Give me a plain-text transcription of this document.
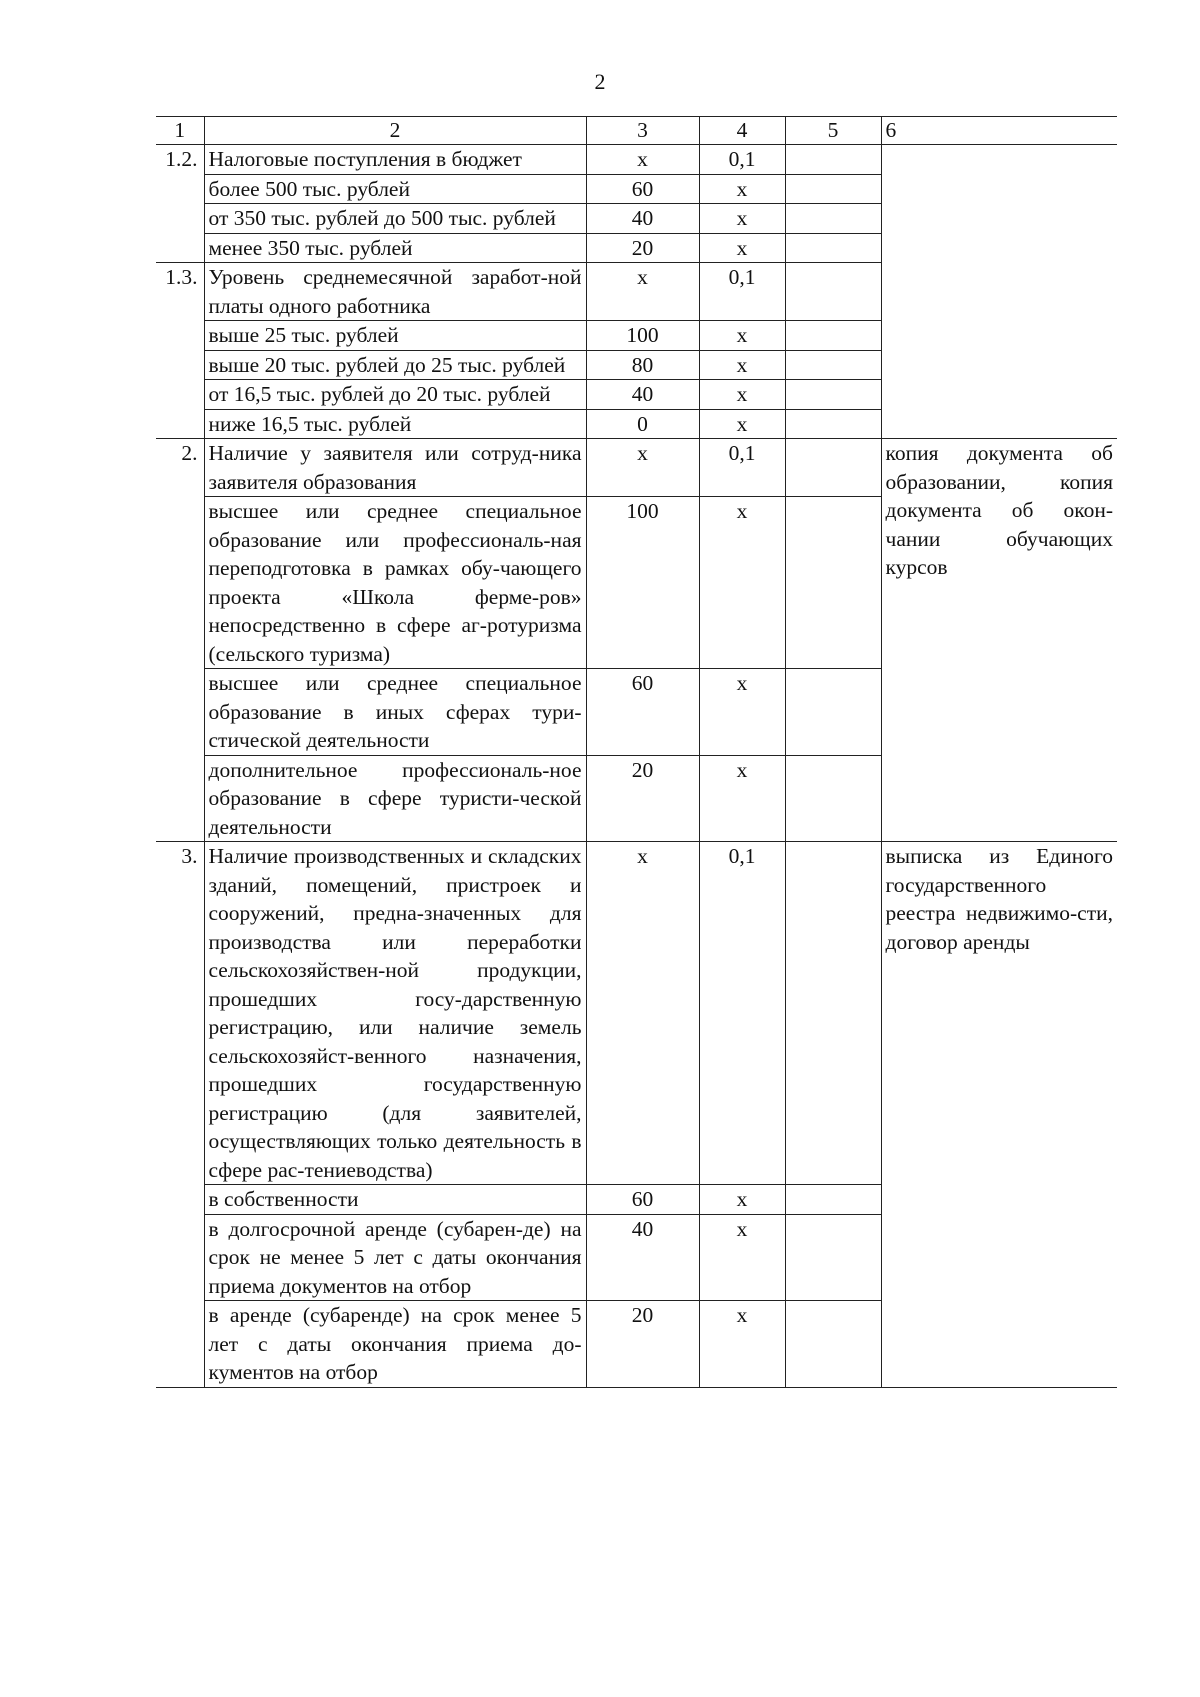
2
1	2	3	4	5	6
1.2.	Налоговые поступления в бюджет	x	0,1		
	более 500 тыс. рублей	60	x		
	от 350 тыс. рублей до 500 тыс. рублей	40	x		
	менее 350 тыс. рублей	20	x		
1.3.	Уровень среднемесячной заработ-ной платы одного работника	x	0,1		
	выше 25 тыс. рублей	100	x		
	выше 20 тыс. рублей до 25 тыс. рублей	80	x		
	от 16,5 тыс. рублей до 20 тыс. рублей	40	x		
	ниже 16,5 тыс. рублей	0	x		
2.	Наличие у заявителя или сотруд-ника заявителя образования	x	0,1		копия документа об образовании, копия документа об окон-чании обучающих курсов
	высшее или среднее специальное образование или профессиональ-ная переподготовка в рамках обу-чающего проекта «Школа ферме-ров» непосредственно в сфере аг-ротуризма (сельского туризма)	100	x		
	высшее или среднее специальное образование в иных сферах тури-стической деятельности	60	x		
	дополнительное профессиональ-ное образование в сфере туристи-ческой деятельности	20	x		
3.	Наличие производственных и складских зданий, помещений, пристроек и сооружений, предна-значенных для производства или переработки сельскохозяйствен-ной продукции, прошедших госу-дарственную регистрацию, или наличие земель сельскохозяйст-венного назначения, прошедших государственную регистрацию (для заявителей, осуществляющих только деятельность в сфере рас-тениеводства)	x	0,1		выписка из Единого государственного реестра недвижимо-сти, договор аренды
	в собственности	60	x		
	в долгосрочной аренде (субарен-де) на срок не менее 5 лет с даты окончания приема документов на отбор	40	x		
	в аренде (субаренде) на срок менее 5 лет с даты окончания приема до-кументов на отбор	20	x		
